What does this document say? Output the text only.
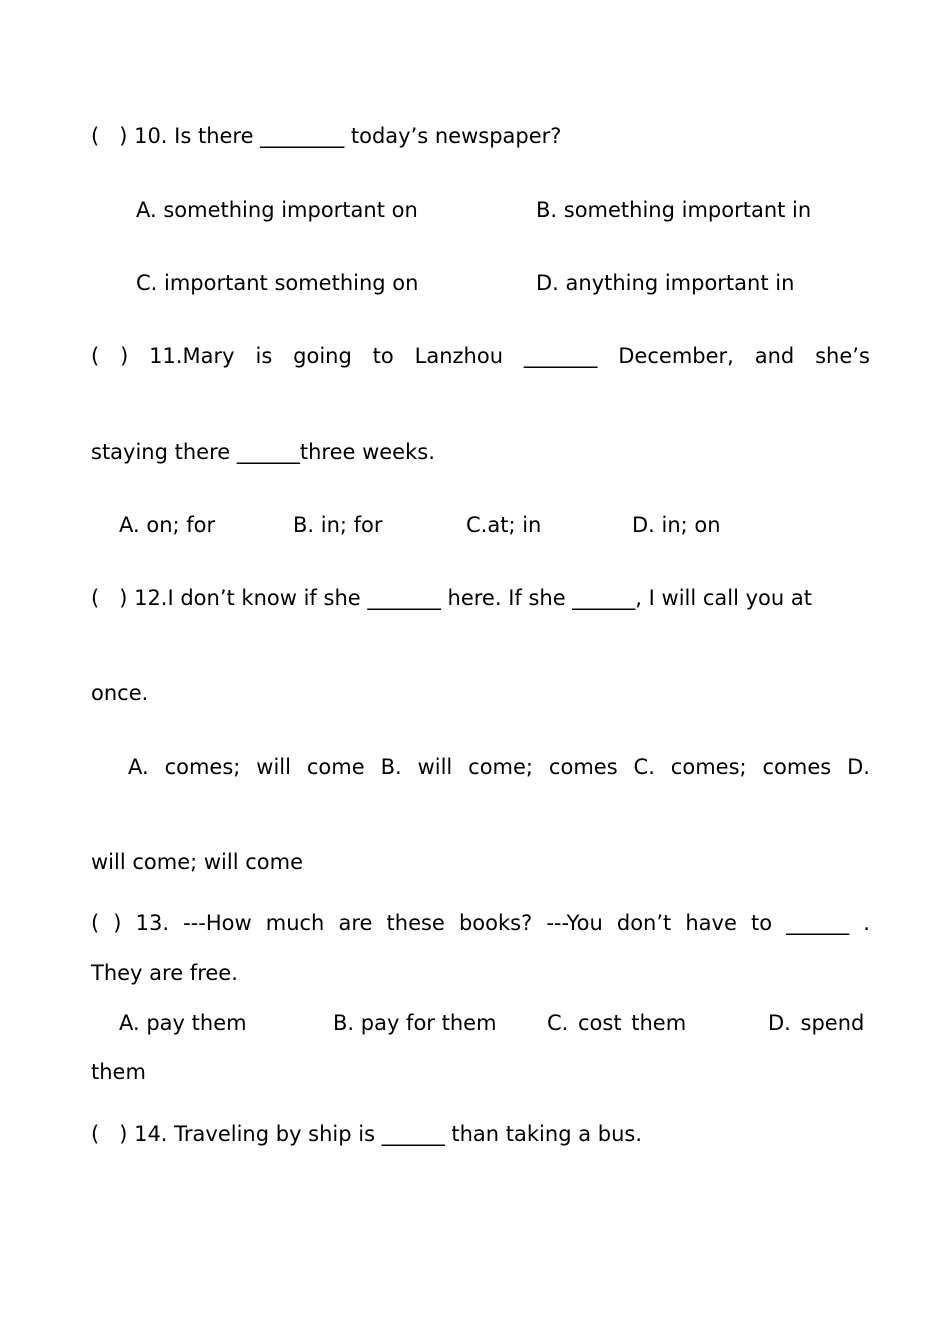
(   ) 10. Is there ________ today’s newspaper?
A. something important on	B. something important in
C. important something on	D. anything important in
( ) 11.Mary is going to Lanzhou _______ December, and she’s
staying there ______three weeks.
A. on; for	B. in; for	C.at; in	D. in; on
(   ) 12.I don’t know if she _______ here. If she ______, I will call you at
once.
A. comes; will come B. will come; comes C. comes; comes D.
will come; will come
( ) 13. ---How much are these books? ---You don’t have to ______ .
They are free.
A. pay them	B. pay for them C. cost them	D. spend
them
(   ) 14. Traveling by ship is ______ than taking a bus.
